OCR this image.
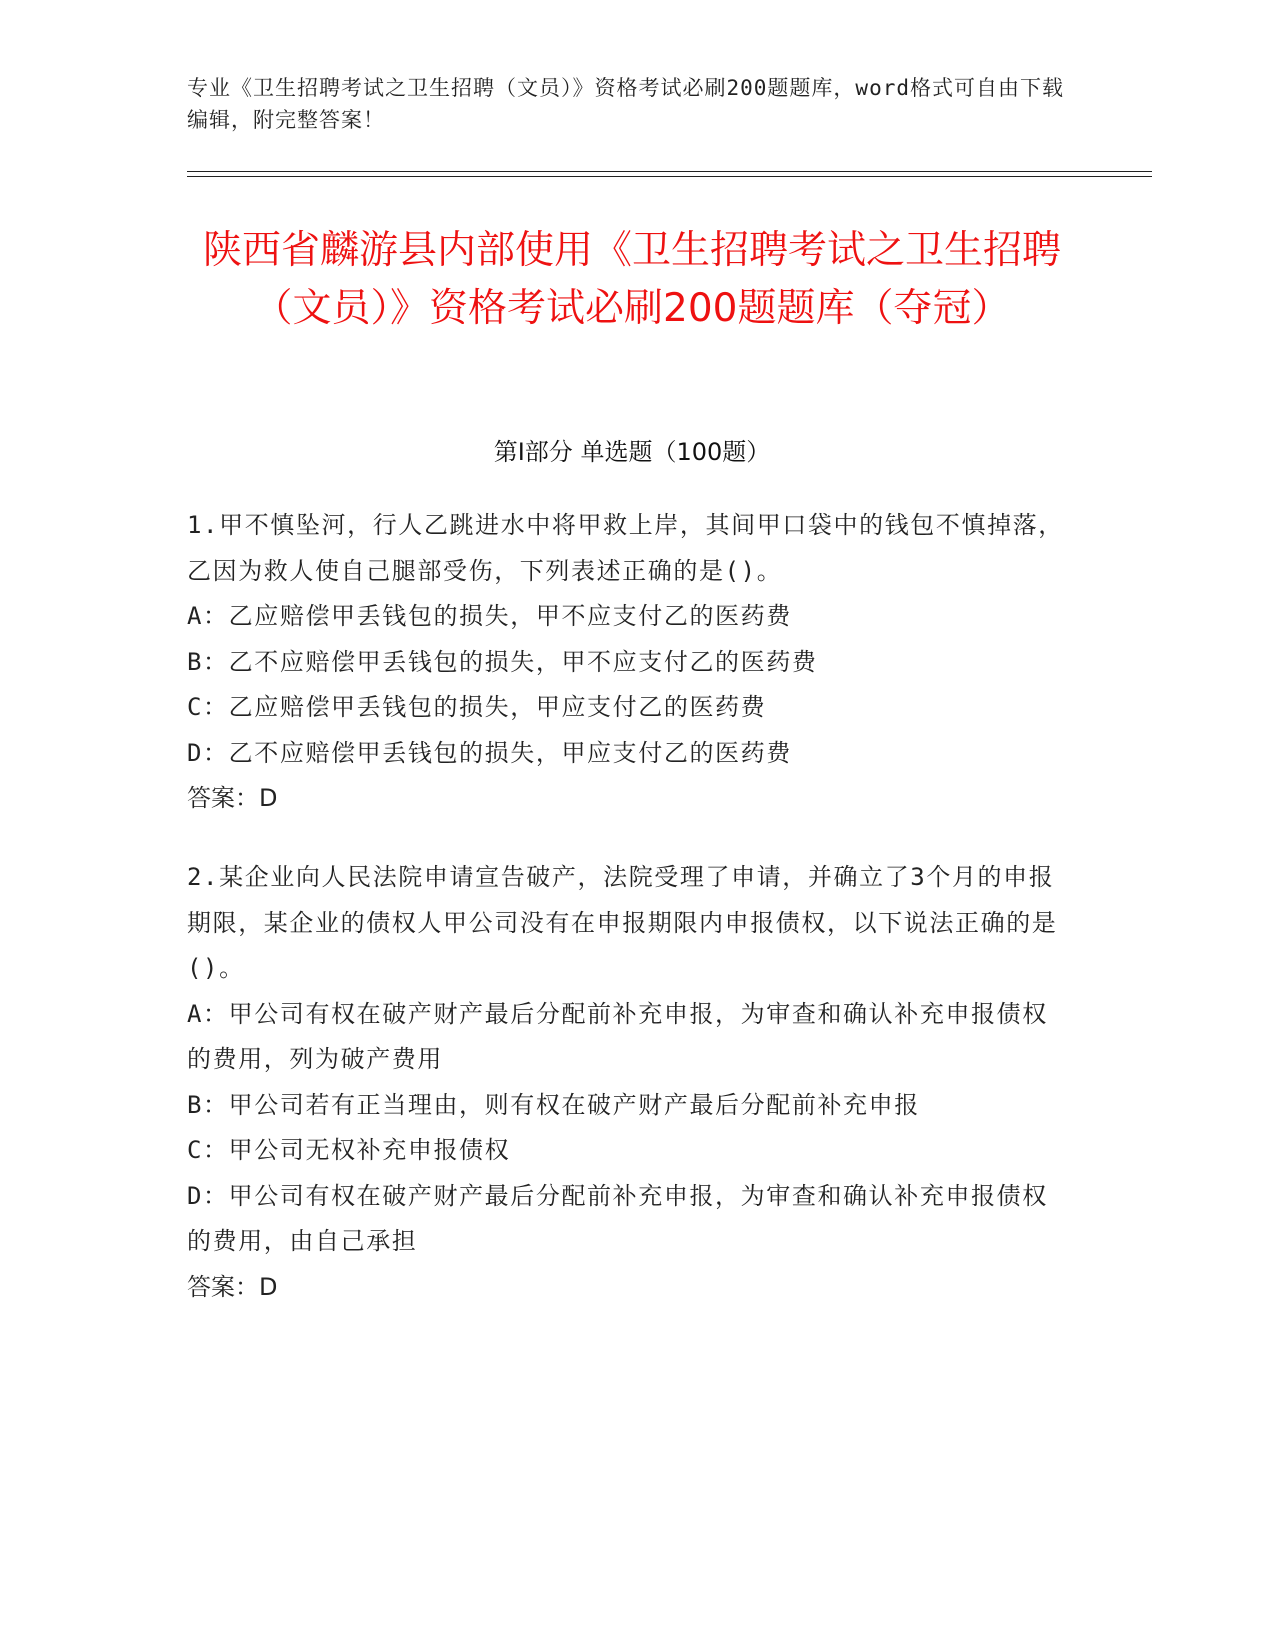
专业《卫生招聘考试之卫生招聘（文员）》资格考试必刷200题题库，word格式可自由下载编辑，附完整答案！
陕西省麟游县内部使用《卫生招聘考试之卫生招聘（文员）》资格考试必刷200题题库（夺冠）
第Ⅰ部分 单选题（100题）
1.甲不慎坠河，行人乙跳进水中将甲救上岸，其间甲口袋中的钱包不慎掉落，乙因为救人使自己腿部受伤，下列表述正确的是()。
A：乙应赔偿甲丢钱包的损失，甲不应支付乙的医药费
B：乙不应赔偿甲丢钱包的损失，甲不应支付乙的医药费
C：乙应赔偿甲丢钱包的损失，甲应支付乙的医药费
D：乙不应赔偿甲丢钱包的损失，甲应支付乙的医药费
答案：D
2.某企业向人民法院申请宣告破产，法院受理了申请，并确立了3个月的申报期限，某企业的债权人甲公司没有在申报期限内申报债权，以下说法正确的是()。
A：甲公司有权在破产财产最后分配前补充申报，为审查和确认补充申报债权的费用，列为破产费用
B：甲公司若有正当理由，则有权在破产财产最后分配前补充申报
C：甲公司无权补充申报债权
D：甲公司有权在破产财产最后分配前补充申报，为审查和确认补充申报债权的费用，由自己承担
答案：D
